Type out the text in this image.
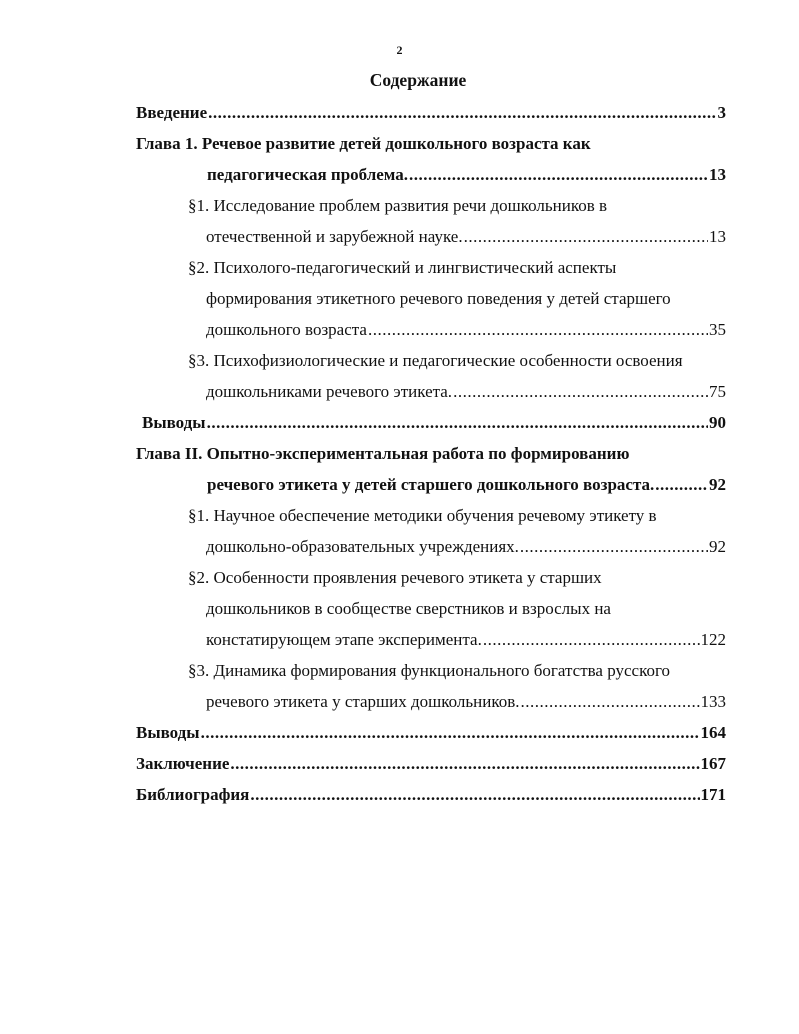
2
Содержание
Введение .....	3
Глава 1. Речевое развитие детей дошкольного возраста как
педагогическая проблема. .....	13
§1. Исследование проблем развития речи дошкольников в
отечественной и зарубежной науке. .....	13
§2. Психолого-педагогический и лингвистический аспекты
формирования этикетного речевого поведения у детей старшего
дошкольного возраста .....	35
§3. Психофизиологические и педагогические особенности освоения
дошкольниками речевого этикета. .....	75
Выводы .....	90
Глава II. Опытно-экспериментальная работа по формированию
речевого этикета у детей старшего дошкольного возраста. .....	92
§1. Научное обеспечение методики обучения речевому этикету в
дошкольно-образовательных учреждениях. .....	92
§2. Особенности проявления речевого этикета у старших
дошкольников в сообществе сверстников и взрослых на
констатирующем этапе эксперимента. .....	122
§3. Динамика формирования функционального богатства русского
речевого этикета у старших дошкольников. .....	133
Выводы .....	164
Заключение .....	167
Библиография .....	171
